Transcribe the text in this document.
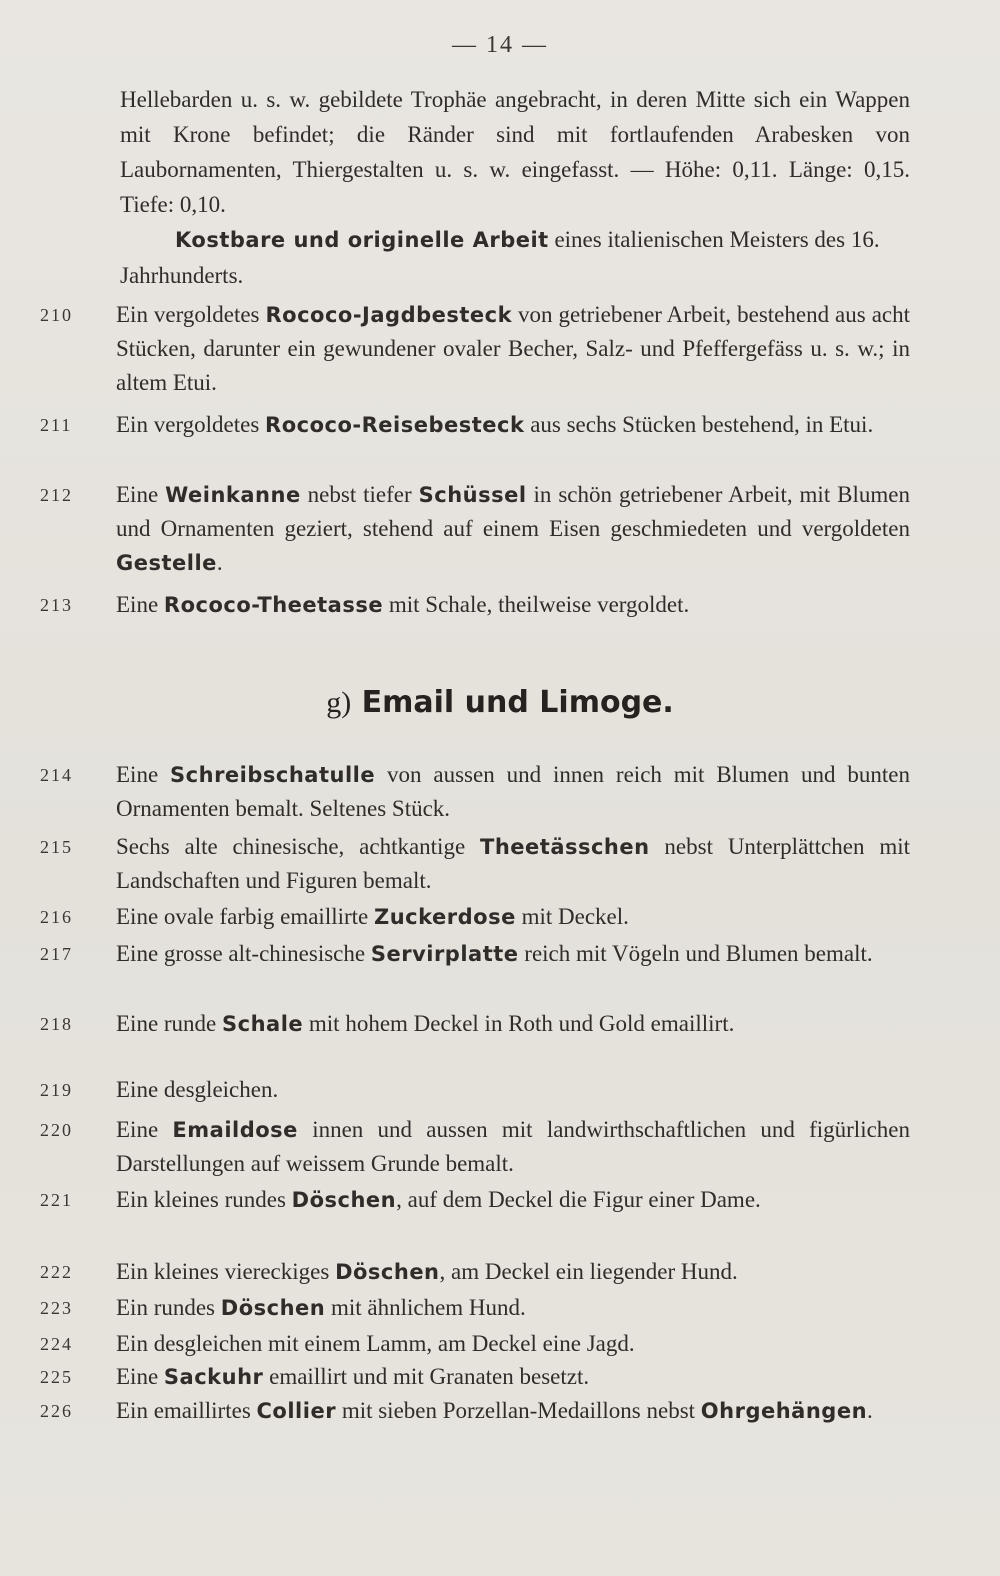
— 14 —

Hellebarden u. s. w. gebildete Trophäe angebracht, in deren Mitte sich ein Wappen mit Krone befindet; die Ränder sind mit fortlaufenden Arabesken von Laubornamenten, Thiergestalten u. s. w. eingefasst. — Höhe: 0,11. Länge: 0,15. Tiefe: 0,10.

Kostbare und originelle Arbeit eines italienischen Meisters des 16. Jahrhunderts.

210	Ein vergoldetes Rococo-Jagdbesteck von getriebener Arbeit, bestehend aus acht Stücken, darunter ein gewundener ovaler Becher, Salz- und Pfeffergefäss u. s. w.; in altem Etui.
211	Ein vergoldetes Rococo-Reisebesteck aus sechs Stücken bestehend, in Etui.
212	Eine Weinkanne nebst tiefer Schüssel in schön getriebener Arbeit, mit Blumen und Ornamenten geziert, stehend auf einem Eisen geschmiedeten und vergoldeten Gestelle.
213	Eine Rococo-Theetasse mit Schale, theilweise vergoldet.
g) Email und Limoge.
214	Eine Schreibschatulle von aussen und innen reich mit Blumen und bunten Ornamenten bemalt. Seltenes Stück.
215	Sechs alte chinesische, achtkantige Theetässchen nebst Unterplättchen mit Landschaften und Figuren bemalt.
216	Eine ovale farbig emaillirte Zuckerdose mit Deckel.
217	Eine grosse alt-chinesische Servirplatte reich mit Vögeln und Blumen bemalt.
218	Eine runde Schale mit hohem Deckel in Roth und Gold emaillirt.
219	Eine desgleichen.
220	Eine Emaildose innen und aussen mit landwirthschaftlichen und figürlichen Darstellungen auf weissem Grunde bemalt.
221	Ein kleines rundes Döschen, auf dem Deckel die Figur einer Dame.
222	Ein kleines viereckiges Döschen, am Deckel ein liegender Hund.
223	Ein rundes Döschen mit ähnlichem Hund.
224	Ein desgleichen mit einem Lamm, am Deckel eine Jagd.
225	Eine Sackuhr emaillirt und mit Granaten besetzt.
226	Ein emaillirtes Collier mit sieben Porzellan-Medaillons nebst Ohrgehängen.
